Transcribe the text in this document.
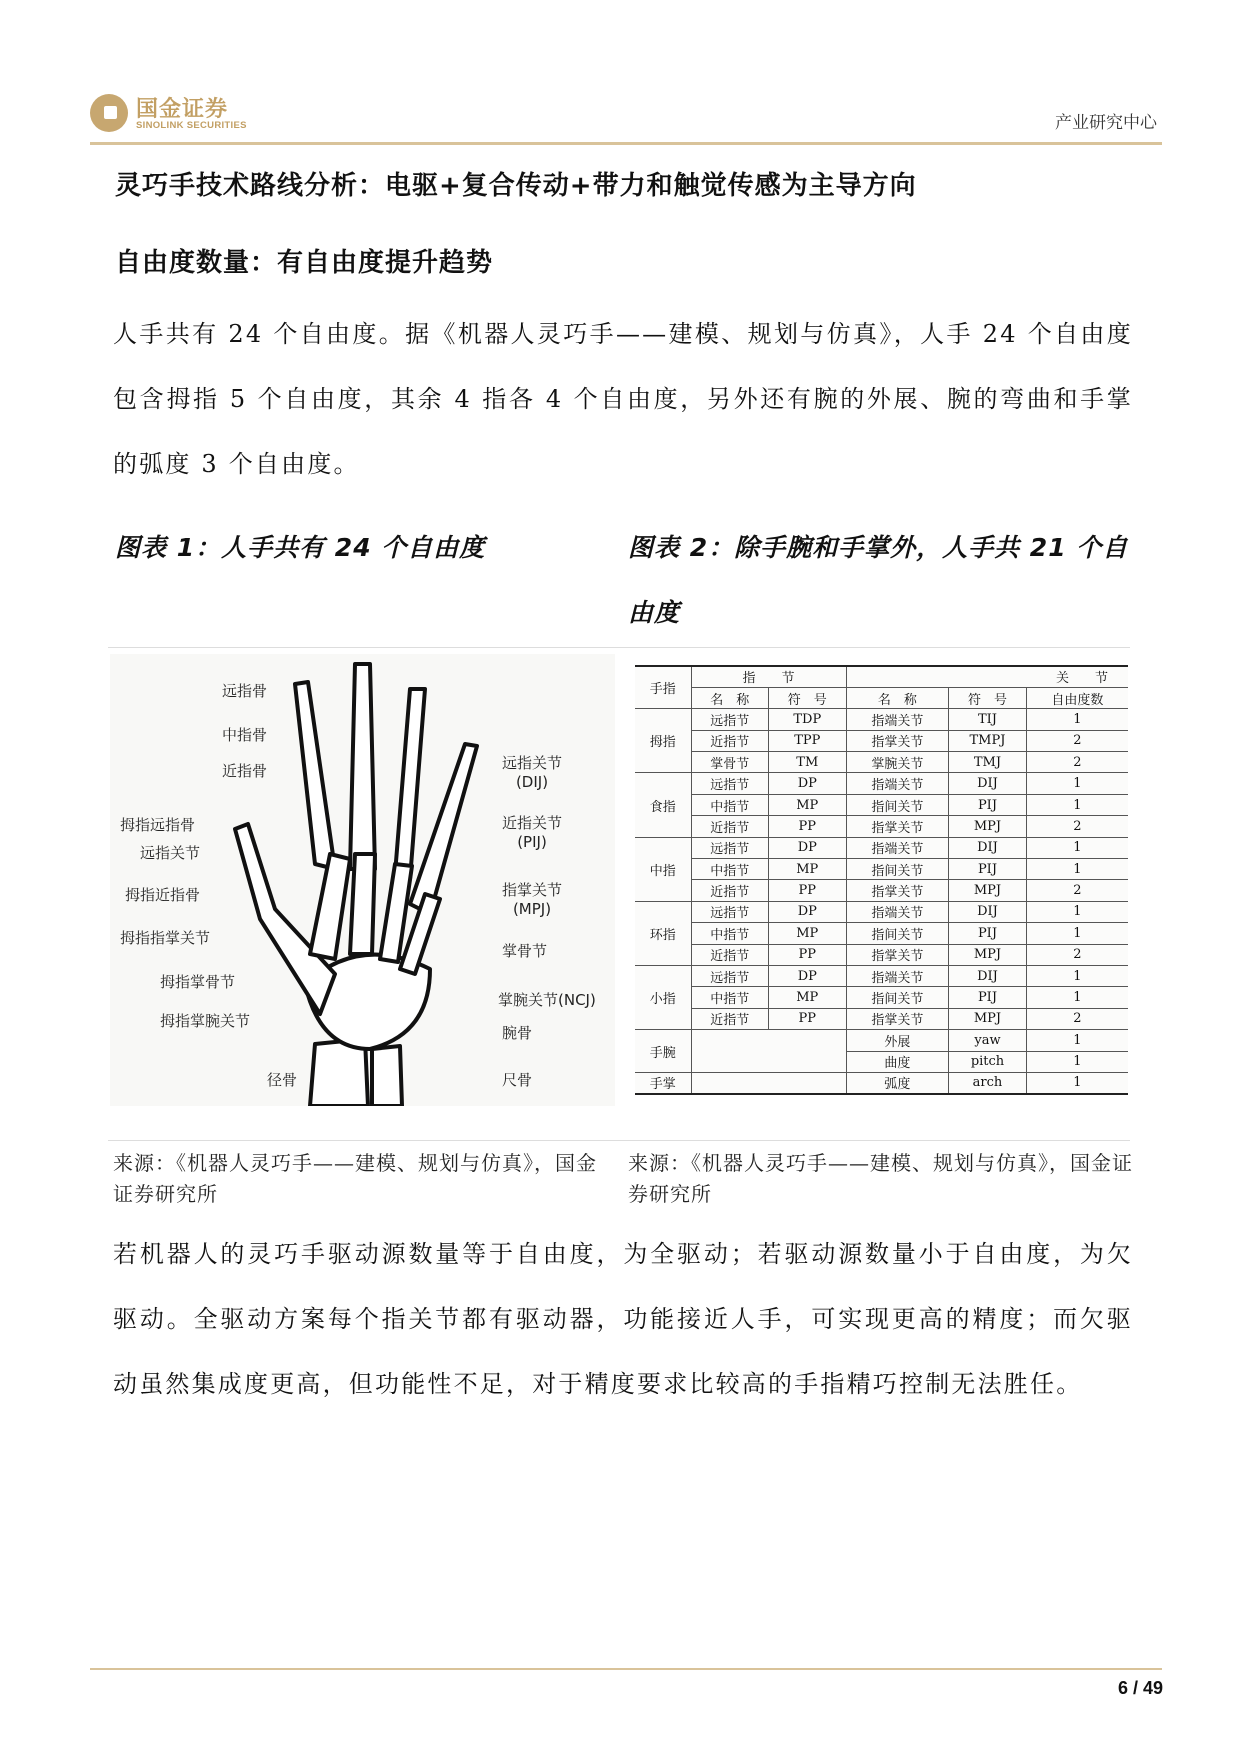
国金证券
SINOLINK SECURITIES	产业研究中心
灵巧手技术路线分析：电驱+复合传动+带力和触觉传感为主导方向
自由度数量：有自由度提升趋势
人手共有 24 个自由度。据《机器人灵巧手——建模、规划与仿真》，人手 24 个自由度包含拇指 5 个自由度，其余 4 指各 4 个自由度，另外还有腕的外展、腕的弯曲和手掌的弧度 3 个自由度。
图表 1：人手共有 24 个自由度	图表 2：除手腕和手掌外，人手共 21 个自由度
远指骨
中指骨
近指骨
拇指远指骨
远指关节
拇指近指骨
拇指指掌关节
拇指掌骨节
拇指掌腕关节
径骨
远指关节
(DIJ)
近指关节
(PIJ)
指掌关节
(MPJ)
掌骨节
掌腕关节(NCJ)
腕骨
尺骨
手指	指　　节		关　　节		
	名　称	符　号	名　称	符　号	自由度数
拇指	远指节	TDP	指端关节	TIJ	1
	近指节	TPP	指掌关节	TMPJ	2
	掌骨节	TM	掌腕关节	TMJ	2
食指	远指节	DP	指端关节	DIJ	1
	中指节	MP	指间关节	PIJ	1
	近指节	PP	指掌关节	MPJ	2
中指	远指节	DP	指端关节	DIJ	1
	中指节	MP	指间关节	PIJ	1
	近指节	PP	指掌关节	MPJ	2
环指	远指节	DP	指端关节	DIJ	1
	中指节	MP	指间关节	PIJ	1
	近指节	PP	指掌关节	MPJ	2
小指	远指节	DP	指端关节	DIJ	1
	中指节	MP	指间关节	PIJ	1
	近指节	PP	指掌关节	MPJ	2
手腕			外展	yaw	1
			曲度	pitch	1
手掌			弧度	arch	1
来源：《机器人灵巧手——建模、规划与仿真》，国金证券研究所
来源：《机器人灵巧手——建模、规划与仿真》，国金证券研究所
若机器人的灵巧手驱动源数量等于自由度，为全驱动；若驱动源数量小于自由度，为欠驱动。全驱动方案每个指关节都有驱动器，功能接近人手，可实现更高的精度；而欠驱动虽然集成度更高，但功能性不足，对于精度要求比较高的手指精巧控制无法胜任。
6 / 49
